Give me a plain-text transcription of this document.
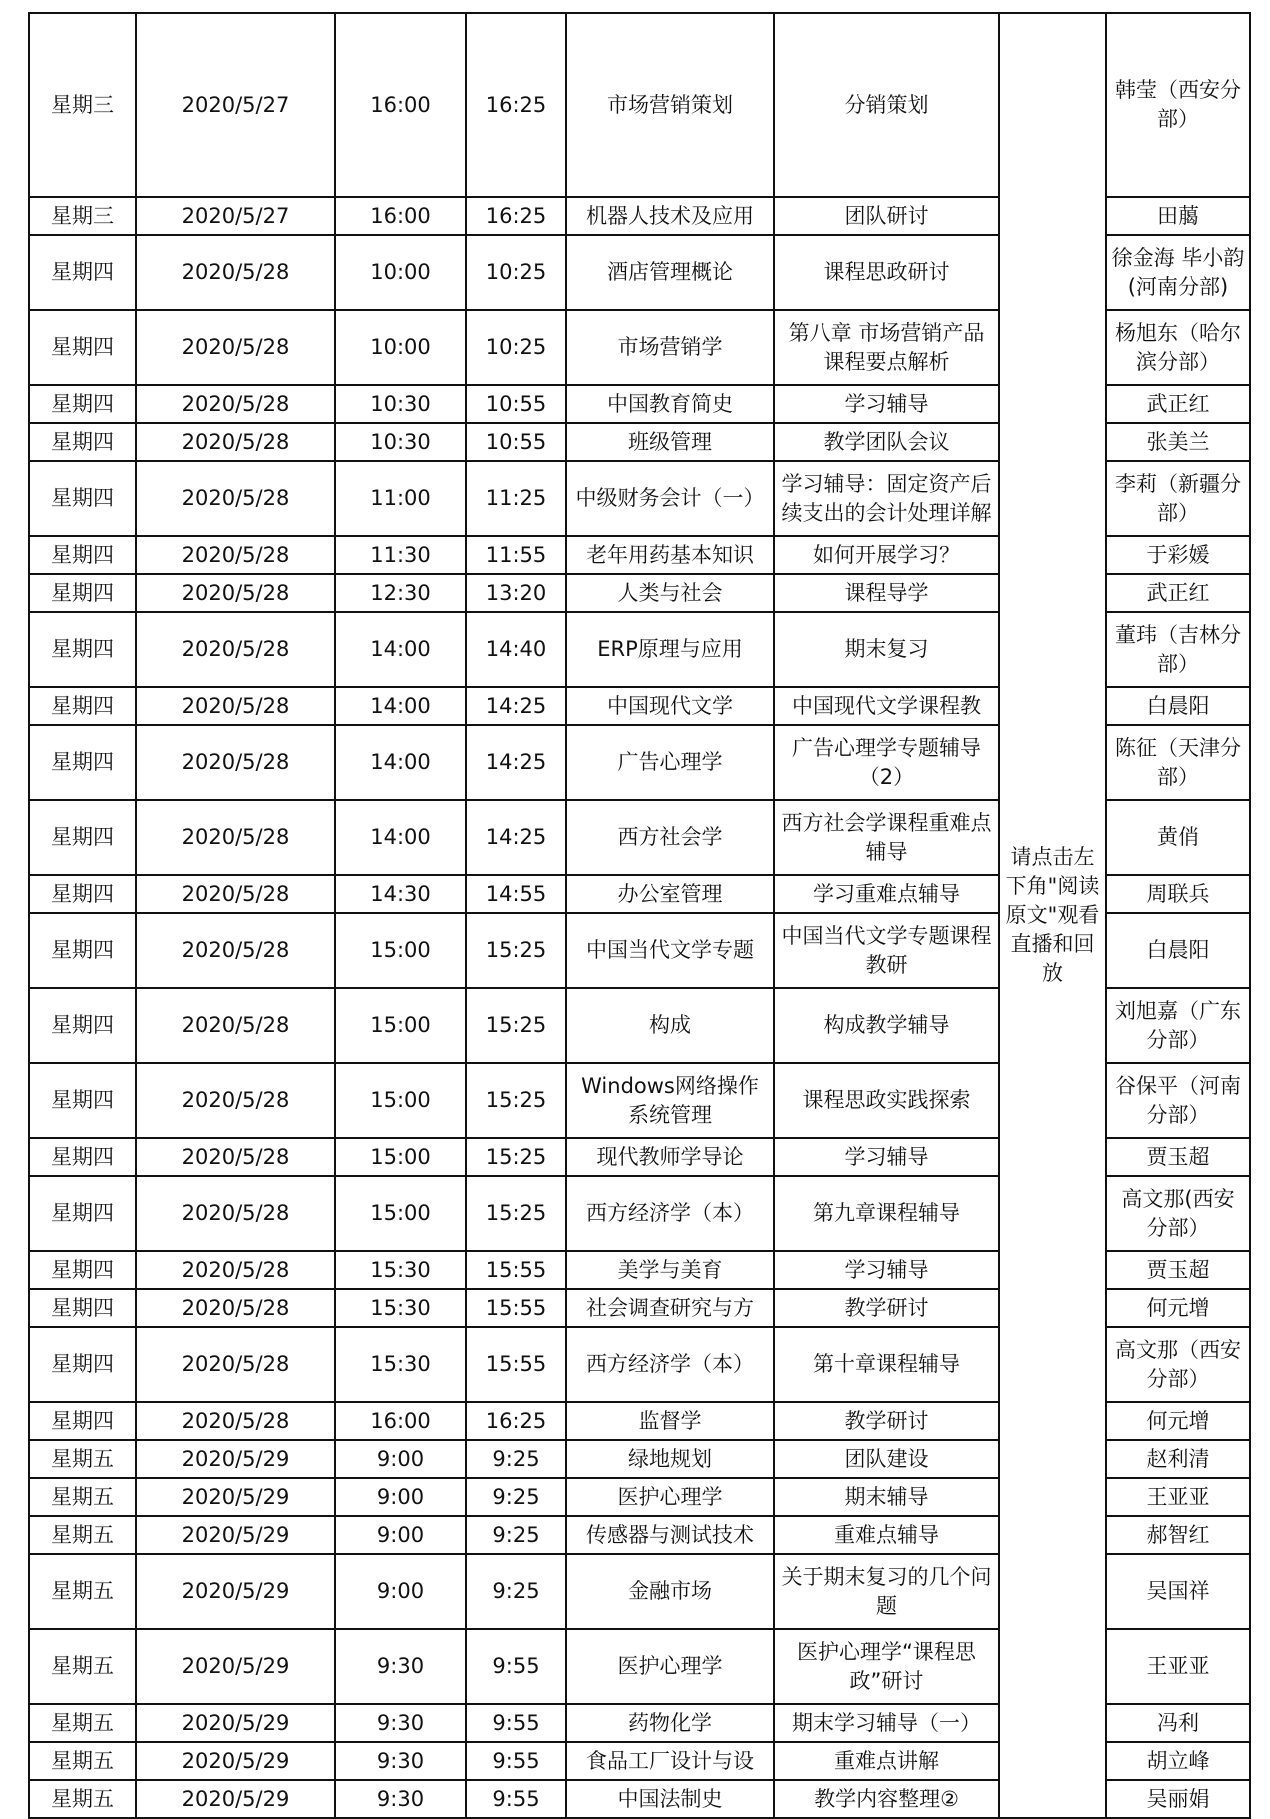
星期三	2020/5/27	16:00	16:25	市场营销策划	分销策划	请点击左下角"阅读原文"观看直播和回放	韩莹（西安分部）
星期三	2020/5/27	16:00	16:25	机器人技术及应用	团队研讨		田﨟
星期四	2020/5/28	10:00	10:25	酒店管理概论	课程思政研讨		徐金海 毕小韵(河南分部)
星期四	2020/5/28	10:00	10:25	市场营销学	第八章 市场营销产品课程要点解析		杨旭东（哈尔滨分部）
星期四	2020/5/28	10:30	10:55	中国教育简史	学习辅导		武正红
星期四	2020/5/28	10:30	10:55	班级管理	教学团队会议		张美兰
星期四	2020/5/28	11:00	11:25	中级财务会计（一）	学习辅导：固定资产后续支出的会计处理详解		李莉（新疆分部）
星期四	2020/5/28	11:30	11:55	老年用药基本知识	如何开展学习？		于彩媛
星期四	2020/5/28	12:30	13:20	人类与社会	课程导学		武正红
星期四	2020/5/28	14:00	14:40	ERP原理与应用	期末复习		董玮（吉林分部）
星期四	2020/5/28	14:00	14:25	中国现代文学	中国现代文学课程教		白晨阳
星期四	2020/5/28	14:00	14:25	广告心理学	广告心理学专题辅导（2）		陈征（天津分部）
星期四	2020/5/28	14:00	14:25	西方社会学	西方社会学课程重难点辅导		黄俏
星期四	2020/5/28	14:30	14:55	办公室管理	学习重难点辅导		周联兵
星期四	2020/5/28	15:00	15:25	中国当代文学专题	中国当代文学专题课程教研		白晨阳
星期四	2020/5/28	15:00	15:25	构成	构成教学辅导		刘旭嘉（广东分部）
星期四	2020/5/28	15:00	15:25	Windows网络操作系统管理	课程思政实践探索		谷保平（河南分部）
星期四	2020/5/28	15:00	15:25	现代教师学导论	学习辅导		贾玉超
星期四	2020/5/28	15:00	15:25	西方经济学（本）	第九章课程辅导		高文那(西安分部）
星期四	2020/5/28	15:30	15:55	美学与美育	学习辅导		贾玉超
星期四	2020/5/28	15:30	15:55	社会调查研究与方	教学研讨		何元增
星期四	2020/5/28	15:30	15:55	西方经济学（本）	第十章课程辅导		高文那（西安分部）
星期四	2020/5/28	16:00	16:25	监督学	教学研讨		何元增
星期五	2020/5/29	9:00	9:25	绿地规划	团队建设		赵利清
星期五	2020/5/29	9:00	9:25	医护心理学	期末辅导		王亚亚
星期五	2020/5/29	9:00	9:25	传感器与测试技术	重难点辅导		郝智红
星期五	2020/5/29	9:00	9:25	金融市场	关于期末复习的几个问题		吴国祥
星期五	2020/5/29	9:30	9:55	医护心理学	医护心理学“课程思政”研讨		王亚亚
星期五	2020/5/29	9:30	9:55	药物化学	期末学习辅导（一）		冯利
星期五	2020/5/29	9:30	9:55	食品工厂设计与设	重难点讲解		胡立峰
星期五	2020/5/29	9:30	9:55	中国法制史	教学内容整理②		吴丽娟
